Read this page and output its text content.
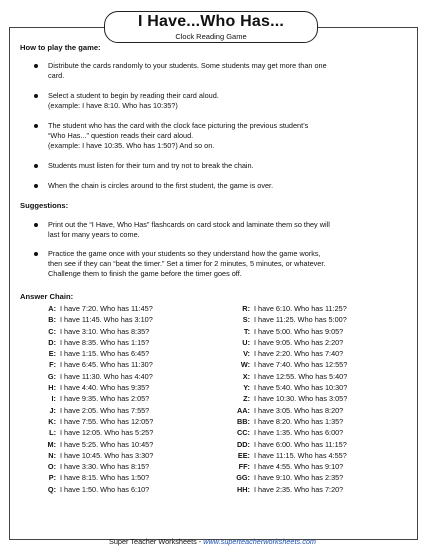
I Have...Who Has...
Clock Reading Game
How to play the game:
Distribute the cards randomly to your students. Some students may get more than one
card.
Select a student to begin by reading their card aloud.
(example: I have 8:10. Who has 10:35?)
The student who has the card with the clock face picturing the previous student’s
“Who Has...” question reads their card aloud.
(example: I have 10:35. Who has 1:50?) And so on.
Students must listen for their turn and try not to break the chain.
When the chain is circles around to the first student, the game is over.
Suggestions:
Print out the “I Have, Who Has” flashcards on card stock and laminate them so they will
last for many years to come.
Practice the game once with your students so they understand how the game works,
then see if they can “beat the timer.” Set a timer for 2 minutes, 5 minutes, or whatever.
Challenge them to finish the game before the timer goes off.
Answer Chain:
A: I have 7:20. Who has 11:45?
B: I have 11:45. Who has 3:10?
C: I have 3:10. Who has 8:35?
D: I have 8:35. Who has 1:15?
E: I have 1:15. Who has 6:45?
F: I have 6:45. Who has 11:30?
G: I have 11:30. Who has 4:40?
H: I have 4:40. Who has 9:35?
I: I have 9:35. Who has 2:05?
J: I have 2:05. Who has 7:55?
K: I have 7:55. Who has 12:05?
L: I have 12:05. Who has 5:25?
M: I have 5:25. Who has 10:45?
N: I have 10:45. Who has 3:30?
O: I have 3:30. Who has 8:15?
P: I have 8:15. Who has 1:50?
Q: I have 1:50. Who has 6:10?
R: I have 6:10. Who has 11:25?
S: I have 11:25. Who has 5:00?
T: I have 5:00. Who has 9:05?
U: I have 9:05. Who has 2:20?
V: I have 2:20. Who has 7:40?
W: I have 7:40. Who has 12:55?
X: I have 12:55. Who has 5:40?
Y: I have 5:40. Who has 10:30?
Z: I have 10:30. Who has 3:05?
AA: I have 3:05. Who has 8:20?
BB: I have 8:20. Who has 1:35?
CC: I have 1:35. Who has 6:00?
DD: I have 6:00. Who has 11:15?
EE: I have 11:15. Who has 4:55?
FF: I have 4:55. Who has 9:10?
GG: I have 9:10. Who has 2:35?
HH: I have 2:35. Who has 7:20?
Super Teacher Worksheets - www.superteacherworksheets.com
